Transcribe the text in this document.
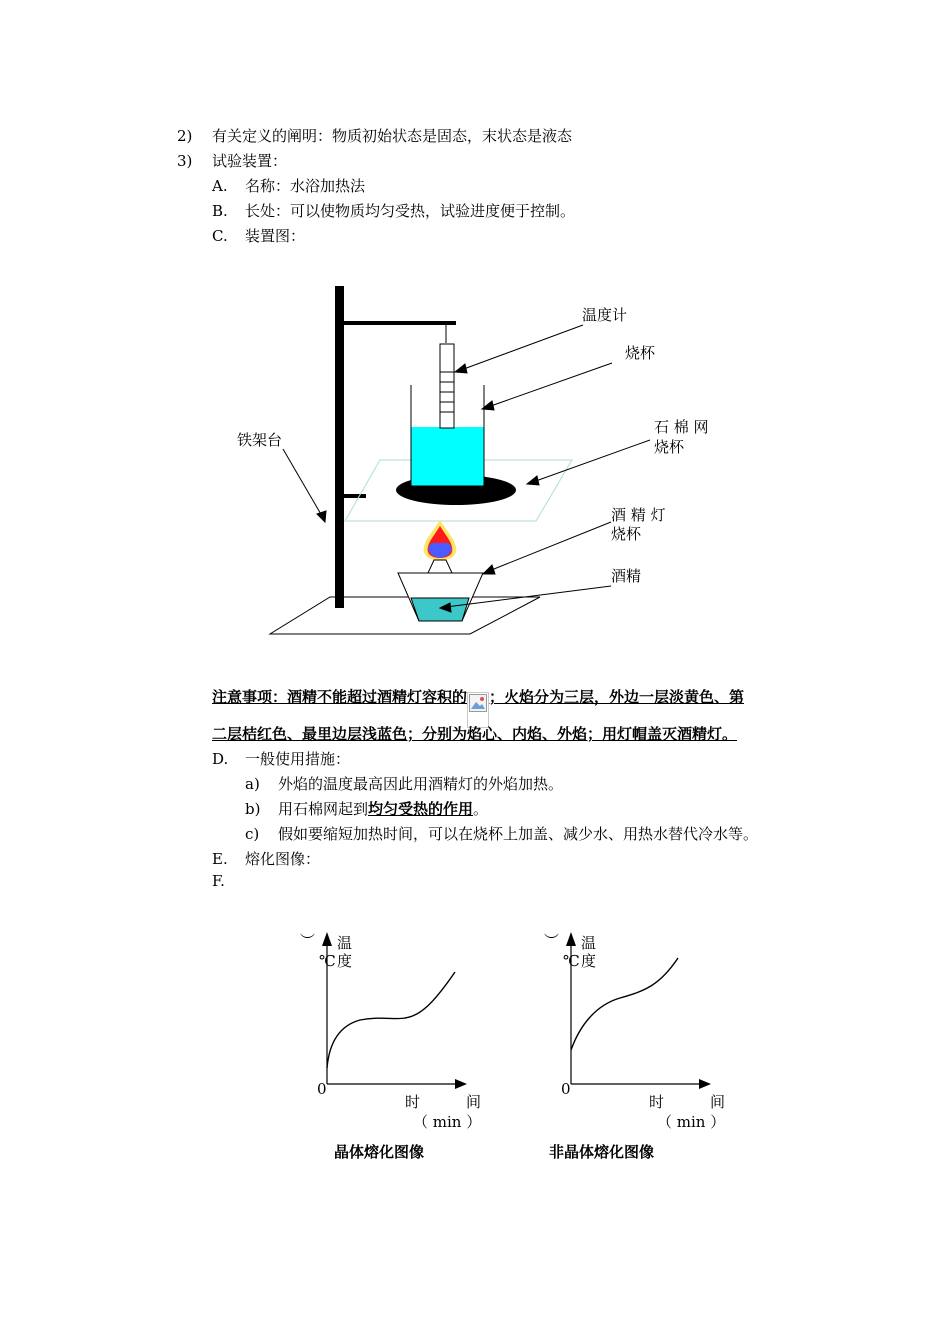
2) 有关定义的阐明：物质初始状态是固态，末状态是液态
3) 试验装置：
A. 名称：水浴加热法
B. 长处：可以使物质均匀受热，试验进度便于控制。
C. 装置图：
温度计
烧杯
石 棉 网
烧杯
铁架台
酒 精 灯
烧杯
酒精
注意事项：酒精不能超过酒精灯容积的 ；火焰分为三层，外边一层淡黄色、第
二层桔红色、最里边层浅蓝色；分别为焰心、内焰、外焰；用灯帽盖灭酒精灯。
D. 一般使用措施：
a) 外焰的温度最高因此用酒精灯的外焰加热。
b) 用石棉网起到均匀受热的作用。
c) 假如要缩短加热时间，可以在烧杯上加盖、减少水、用热水替代冷水等。
E. 熔化图像：
F.
温
度
︶
℃
0
时	间
（ min ）
温
度
︶
℃
0
时	间
（ min ）
晶体熔化图像	非晶体熔化图像
